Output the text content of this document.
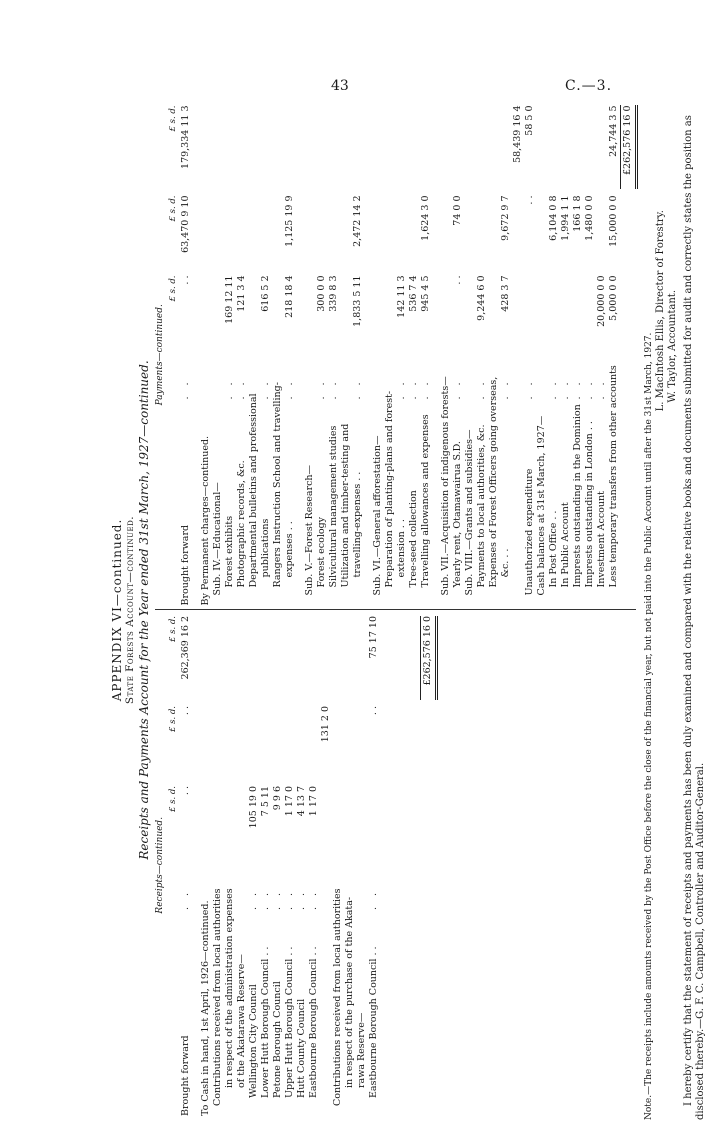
43	C.—3.
APPENDIX VI—continued. State Forests Account—continued. Receipts and Payments Account for the Year ended 31st March, 1927—continued.
Receipts—continued.
£ s. d.
£ s. d.
£ s. d.
Brought forward
. .
. .
. .
262,369 16 2
To Cash in hand, 1st April, 1926—continued. Contributions received from local authorities in respect of the administration expenses of the Akatarawa Reserve— Wellington City Council
. .
105 19 0
Lower Hutt Borough Council . .
. .
7 5 11
Petone Borough Council
. .
9 9 6
Upper Hutt Borough Council . .
. .
1 17 0
Hutt County Council
. .
4 13 7
Eastbourne Borough Council . .
. .
1 17 0
131 2 0
Contributions received from local authorities in respect of the purchase of the Akata- rawa Reserve— Eastbourne Borough Council . .
. .
. .
75 17 10	£262,576 16 0
Payments—continued.
£ s. d.
£ s. d.
£ s. d.
Brought forward
. .
. .
63,470 9 10
179,334 11 3
By Permanent charges—continued. Sub. IV.—Educational— Forest exhibits
. .
169 12 11
Photographic records, &c.
. .
121 3 4
Departmental bulletins and professional publications
. .
616 5 2
Rangers Instruction School and travelling- expenses . .
. .
218 18 4
1,125 19 9
Sub. V.—Forest Research— Forest ecology
. .
300 0 0
Silvicultural management studies
. .
339 8 3
Utilization and timber-testing and travelling-expenses . .
. .
1,833 5 11
2,472 14 2
Sub. VI.—General afforestation— Preparation of planting-plans and forest- extension . .
. .
142 11 3
Tree-seed collection
. .
536 7 4
Travelling allowances and expenses
. .
945 4 5
1,624 3 0
Sub. VII.—Acquisition of indigenous forests— Yearly rent, Otamawairua S.D.
. .
. .
74 0 0
Sub. VIII.—Grants and subsidies— Payments to local authorities, &c.
. .
9,244 6 0
Expenses of Forest Officers going overseas, &c. . .
. .
428 3 7
9,672 9 7
58,439 16 4
Unauthorized expenditure
. .
. .
58 5 0
Cash balances at 31st March, 1927— In Post Office . .
. .
6,104 0 8
In Public Account
. .
1,994 1 1
Imprests outstanding in the Dominion
. .
166 1 8
Imprests outstanding in London . .
. .
1,480 0 0
Investment Account
. .
20,000 0 0
Less temporary transfers from other accounts
5,000 0 0
15,000 0 0
24,744 3 5 £262,576 16 0
Note.—The receipts include amounts received by the Post Office before the close of the financial year, but not paid into the Public Account until after the 31st March, 1927.
L. MacIntosh Ellis, Director of Forestry. W. Taylor, Accountant. I hereby certify that the statement of receipts and payments has been duly examined and compared with the relative books and documents submitted for audit and correctly states the position as disclosed thereby.—G. F. C. Campbell, Controller and Auditor-General.
